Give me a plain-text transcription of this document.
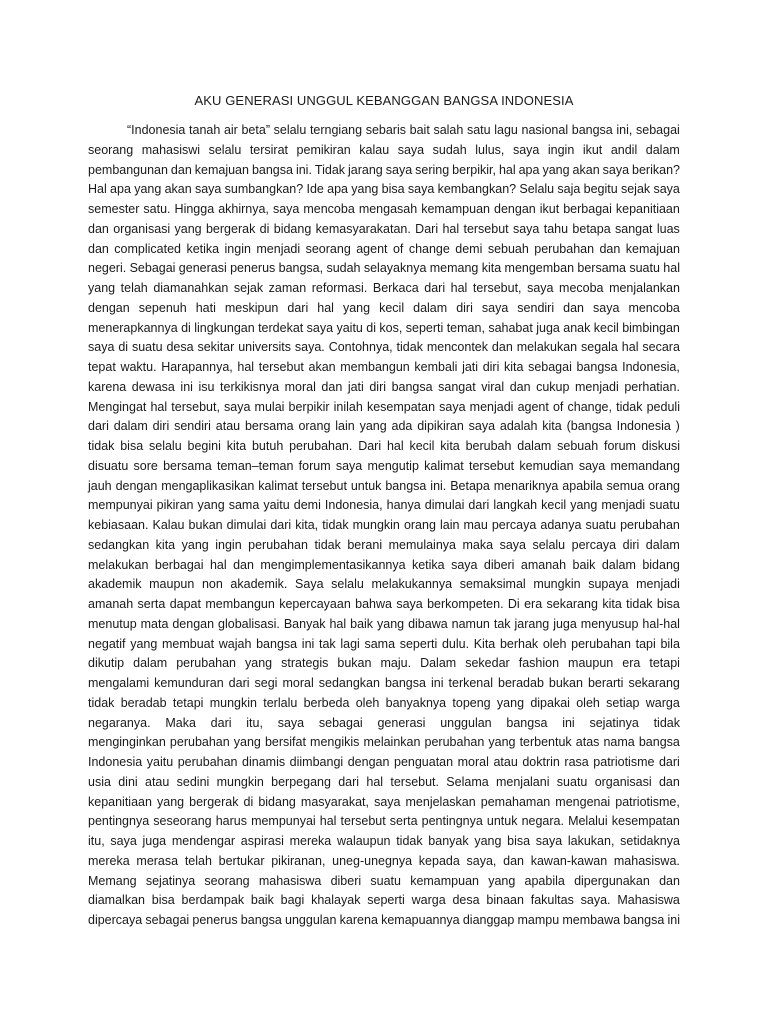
AKU GENERASI UNGGUL KEBANGGAN BANGSA INDONESIA
“Indonesia tanah air beta” selalu terngiang sebaris bait salah satu lagu nasional bangsa ini, sebagai
seorang mahasiswi selalu tersirat pemikiran kalau saya sudah lulus, saya ingin ikut andil dalam
pembangunan dan kemajuan bangsa ini. Tidak jarang saya sering berpikir, hal apa yang akan saya berikan?
Hal apa yang akan saya sumbangkan? Ide apa yang bisa saya kembangkan? Selalu saja begitu sejak saya
semester satu. Hingga akhirnya, saya mencoba mengasah kemampuan dengan ikut berbagai kepanitiaan
dan organisasi yang bergerak di bidang kemasyarakatan. Dari hal tersebut saya tahu betapa sangat luas
dan complicated ketika ingin menjadi seorang agent of change demi sebuah perubahan dan kemajuan
negeri. Sebagai generasi penerus bangsa, sudah selayaknya memang kita mengemban bersama suatu hal
yang telah diamanahkan sejak zaman reformasi. Berkaca dari hal tersebut, saya mecoba menjalankan
dengan sepenuh hati meskipun dari hal yang kecil dalam diri saya sendiri dan saya mencoba
menerapkannya di lingkungan terdekat saya yaitu di kos, seperti teman, sahabat juga anak kecil bimbingan
saya di suatu desa sekitar universits saya. Contohnya, tidak mencontek dan melakukan segala hal secara
tepat waktu. Harapannya, hal tersebut akan membangun kembali jati diri kita sebagai bangsa Indonesia,
karena dewasa ini isu terkikisnya moral dan jati diri bangsa sangat viral dan cukup menjadi perhatian.
Mengingat hal tersebut, saya mulai berpikir inilah kesempatan saya menjadi agent of change, tidak peduli
dari dalam diri sendiri atau bersama orang lain yang ada dipikiran saya adalah kita (bangsa Indonesia )
tidak bisa selalu begini kita butuh perubahan. Dari hal kecil kita berubah dalam sebuah forum diskusi
disuatu sore bersama teman–teman forum saya mengutip kalimat tersebut kemudian saya memandang
jauh dengan mengaplikasikan kalimat tersebut untuk bangsa ini. Betapa menariknya apabila semua orang
mempunyai pikiran yang sama yaitu demi Indonesia, hanya dimulai dari langkah kecil yang menjadi suatu
kebiasaan. Kalau bukan dimulai dari kita, tidak mungkin orang lain mau percaya adanya suatu perubahan
sedangkan kita yang ingin perubahan tidak berani memulainya maka saya selalu percaya diri dalam
melakukan berbagai hal dan mengimplementasikannya ketika saya diberi amanah baik dalam bidang
akademik maupun non akademik. Saya selalu melakukannya semaksimal mungkin supaya menjadi
amanah serta dapat membangun kepercayaan bahwa saya berkompeten. Di era sekarang kita tidak bisa
menutup mata dengan globalisasi. Banyak hal baik yang dibawa namun tak jarang juga menyusup hal-hal
negatif yang membuat wajah bangsa ini tak lagi sama seperti dulu. Kita berhak oleh perubahan tapi bila
dikutip dalam perubahan yang strategis bukan maju. Dalam sekedar fashion maupun era tetapi
mengalami kemunduran dari segi moral sedangkan bangsa ini terkenal beradab bukan berarti sekarang
tidak beradab tetapi mungkin terlalu berbeda oleh banyaknya topeng yang dipakai oleh setiap warga
negaranya. Maka dari itu, saya sebagai generasi unggulan bangsa ini sejatinya tidak
menginginkan perubahan yang bersifat mengikis melainkan perubahan yang terbentuk atas nama bangsa
Indonesia yaitu perubahan dinamis diimbangi dengan penguatan moral atau doktrin rasa patriotisme dari
usia dini atau sedini mungkin berpegang dari hal tersebut. Selama menjalani suatu organisasi dan
kepanitiaan yang bergerak di bidang masyarakat, saya menjelaskan pemahaman mengenai patriotisme,
pentingnya seseorang harus mempunyai hal tersebut serta pentingnya untuk negara. Melalui kesempatan
itu, saya juga mendengar aspirasi mereka walaupun tidak banyak yang bisa saya lakukan, setidaknya
mereka merasa telah bertukar pikiranan, uneg-unegnya kepada saya, dan kawan-kawan mahasiswa.
Memang sejatinya seorang mahasiswa diberi suatu kemampuan yang apabila dipergunakan dan
diamalkan bisa berdampak baik bagi khalayak seperti warga desa binaan fakultas saya. Mahasiswa
dipercaya sebagai penerus bangsa unggulan karena kemapuannya dianggap mampu membawa bangsa ini
